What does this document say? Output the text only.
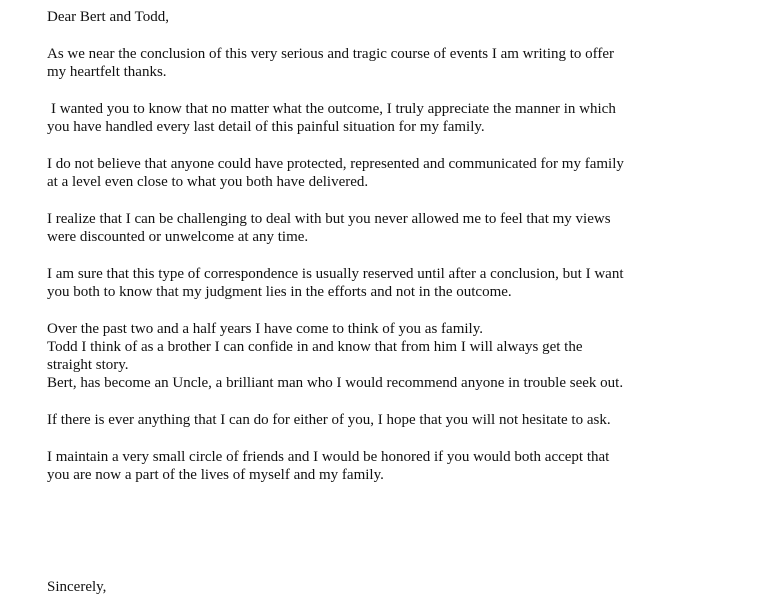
Dear Bert and Todd,
As we near the conclusion of this very serious and tragic course of events I am writing to offer
my heartfelt thanks.
I wanted you to know that no matter what the outcome, I truly appreciate the manner in which
you have handled every last detail of this painful situation for my family.
I do not believe that anyone could have protected, represented and communicated for my family
at a level even close to what you both have delivered.
I realize that I can be challenging to deal with but you never allowed me to feel that my views
were discounted or unwelcome at any time.
I am sure that this type of correspondence is usually reserved until after a conclusion, but I want
you both to know that my judgment lies in the efforts and not in the outcome.
Over the past two and a half years I have come to think of you as family.
Todd I think of as a brother I can confide in and know that from him I will always get the
straight story.
Bert, has become an Uncle, a brilliant man who I would recommend anyone in trouble seek out.
If there is ever anything that I can do for either of you, I hope that you will not hesitate to ask.
I maintain a very small circle of friends and I would be honored if you would both accept that
you are now a part of the lives of myself and my family.
Sincerely,
